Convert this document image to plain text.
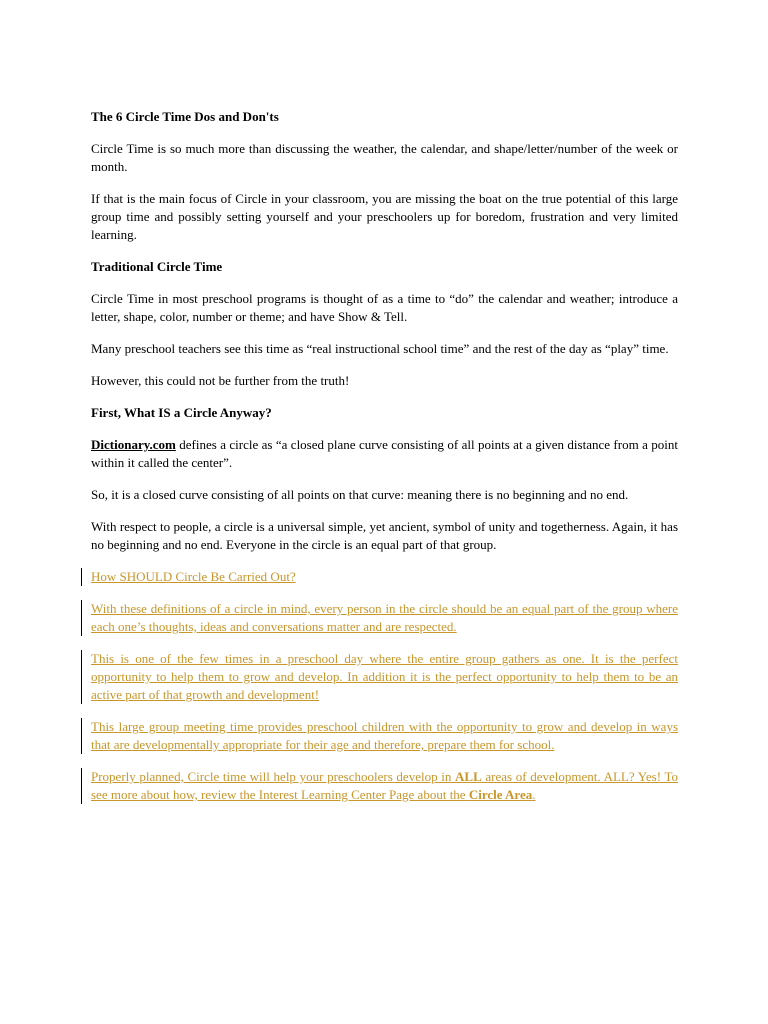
The 6 Circle Time Dos and Don'ts

Circle Time is so much more than discussing the weather, the calendar, and shape/letter/number of the week or month.

If that is the main focus of Circle in your classroom, you are missing the boat on the true potential of this large group time and possibly setting yourself and your preschoolers up for boredom, frustration and very limited learning.

Traditional Circle Time

Circle Time in most preschool programs is thought of as a time to “do” the calendar and weather; introduce a letter, shape, color, number or theme; and have Show & Tell.

Many preschool teachers see this time as “real instructional school time” and the rest of the day as “play” time.

However, this could not be further from the truth!

First, What IS a Circle Anyway?

Dictionary.com defines a circle as “a closed plane curve consisting of all points at a given distance from a point within it called the center”.

So, it is a closed curve consisting of all points on that curve: meaning there is no beginning and no end.

With respect to people, a circle is a universal simple, yet ancient, symbol of unity and togetherness. Again, it has no beginning and no end. Everyone in the circle is an equal part of that group.

How SHOULD Circle Be Carried Out?

With these definitions of a circle in mind, every person in the circle should be an equal part of the group where each one’s thoughts, ideas and conversations matter and are respected.

This is one of the few times in a preschool day where the entire group gathers as one. It is the perfect opportunity to help them to grow and develop. In addition it is the perfect opportunity to help them to be an active part of that growth and development!

This large group meeting time provides preschool children with the opportunity to grow and develop in ways that are developmentally appropriate for their age and therefore, prepare them for school.

Properly planned, Circle time will help your preschoolers develop in ALL areas of development. ALL? Yes! To see more about how, review the Interest Learning Center Page about the Circle Area.
